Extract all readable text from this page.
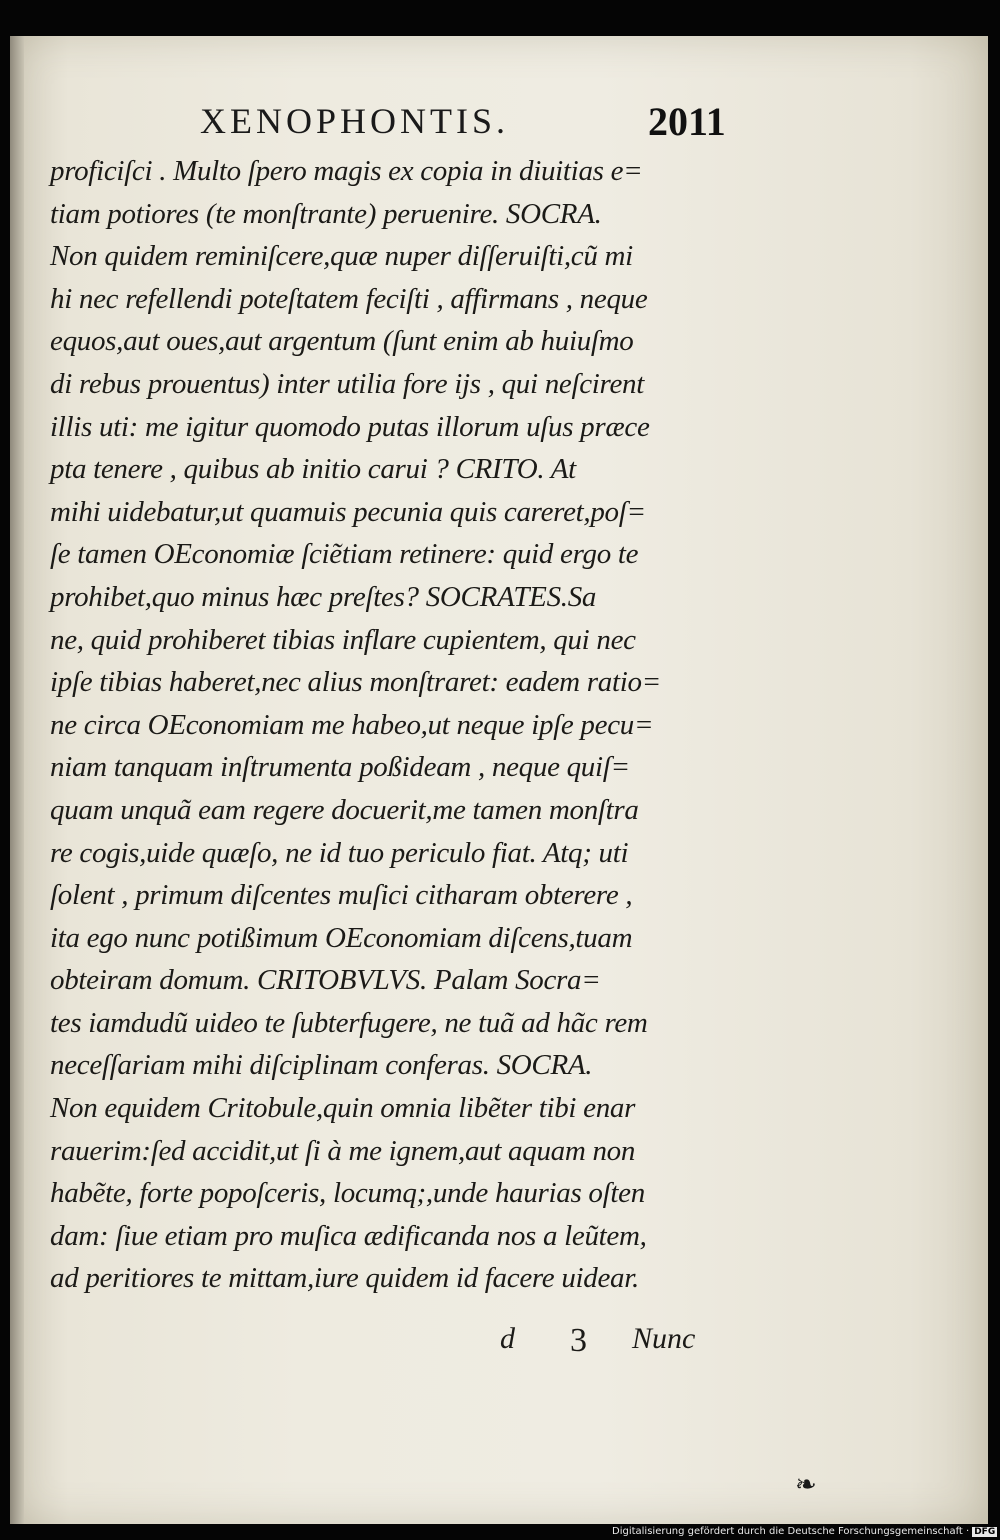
XENOPHONTIS.	2011
proficiſci . Multo ſpero magis ex copia in diuitias e=
tiam potiores (te monſtrante) peruenire. SOCRA.
Non quidem reminiſcere,quæ nuper diſſeruiſti,cũ mi
hi nec refellendi poteſtatem feciſti , affirmans , neque
equos,aut oues,aut argentum (ſunt enim ab huiuſmo
di rebus prouentus) inter utilia fore iјs , qui neſcirent
illis uti: me igitur quomodo putas illorum uſus præce
pta tenere , quibus ab initio carui ? CRITO. At
mihi uidebatur,ut quamuis pecunia quis careret,poſ=
ſe tamen OEconomiæ ſciẽtiam retinere: quid ergo te
prohibet,quo minus hæc preſtes? SOCRATES.Sa
ne, quid prohiberet tibias inflare cupientem, qui nec
ipſe tibias haberet,nec alius monſtraret: eadem ratio=
ne circa OEconomiam me habeo,ut neque ipſe pecu=
niam tanquam inſtrumenta poßideam , neque quiſ=
quam unquã eam regere docuerit,me tamen monſtra
re cogis,uide quæſo, ne id tuo periculo fiat. Atq; uti
ſolent , primum diſcentes muſici citharam obterere ,
ita ego nunc potißimum OEconomiam diſcens,tuam
obteiram domum. CRITOBVLVS. Palam Socra=
tes iamdudũ uideo te ſubterfugere, ne tuã ad hãc rem
neceſſariam mihi diſciplinam conferas. SOCRA.
Non equidem Critobule,quin omnia libẽter tibi enar
rauerim:ſed accidit,ut ſi à me ignem,aut aquam non
habẽte, forte popoſceris, locumq;,unde haurias oſten
dam: ſiue etiam pro muſica ædificanda nos a leũtem,
ad peritiores te mittam,iure quidem id facere uidear.
d 3 Nunc
❧
Digitalisierung gefördert durch die Deutsche Forschungsgemeinschaft · DFG
